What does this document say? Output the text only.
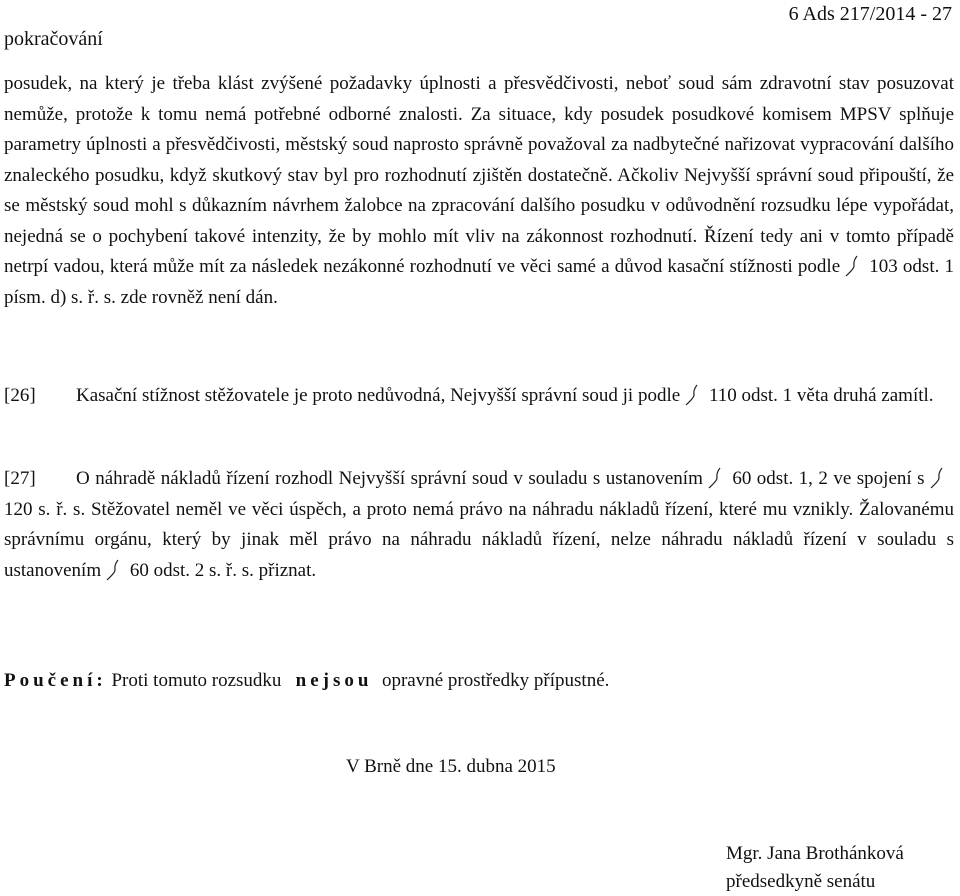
pokračování
6 Ads 217/2014 - 27
posudek, na který je třeba klást zvýšené požadavky úplnosti a přesvědčivosti, neboť soud sám zdravotní stav posuzovat nemůže, protože k tomu nemá potřebné odborné znalosti. Za situace, kdy posudek posudkové komisem MPSV splňuje parametry úplnosti a přesvědčivosti, městský soud naprosto správně považoval za nadbytečné nařizovat vypracování dalšího znaleckého posudku, když skutkový stav byl pro rozhodnutí zjištěn dostatečně. Ačkoliv Nejvyšší správní soud připouští, že se městský soud mohl s důkazním návrhem žalobce na zpracování dalšího posudku v odůvodnění rozsudku lépe vypořádat, nejedná se o pochybení takové intenzity, že by mohlo mít vliv na zákonnost rozhodnutí. Řízení tedy ani v tomto případě netrpí vadou, která může mít za následek nezákonné rozhodnutí ve věci samé a důvod kasační stížnosti podle 103 odst. 1 písm. d) s. ř. s. zde rovněž není dán.
[26] Kasační stížnost stěžovatele je proto nedůvodná, Nejvyšší správní soud ji podle 110 odst. 1 věta druhá zamítl.
[27] O náhradě nákladů řízení rozhodl Nejvyšší správní soud v souladu s ustanovením 60 odst. 1, 2 ve spojení s
120 s. ř. s. Stěžovatel neměl ve věci úspěch, a proto nemá právo na náhradu nákladů řízení, které mu vznikly. Žalovanému správnímu orgánu, který by jinak měl právo na náhradu nákladů řízení, nelze náhradu nákladů řízení v souladu s ustanovením 60 odst. 2 s. ř. s. přiznat.
Poučení: Proti tomuto rozsudku nejsou opravné prostředky přípustné.
V Brně dne 15. dubna 2015
Mgr. Jana Brothánková
předsedkyně senátu
